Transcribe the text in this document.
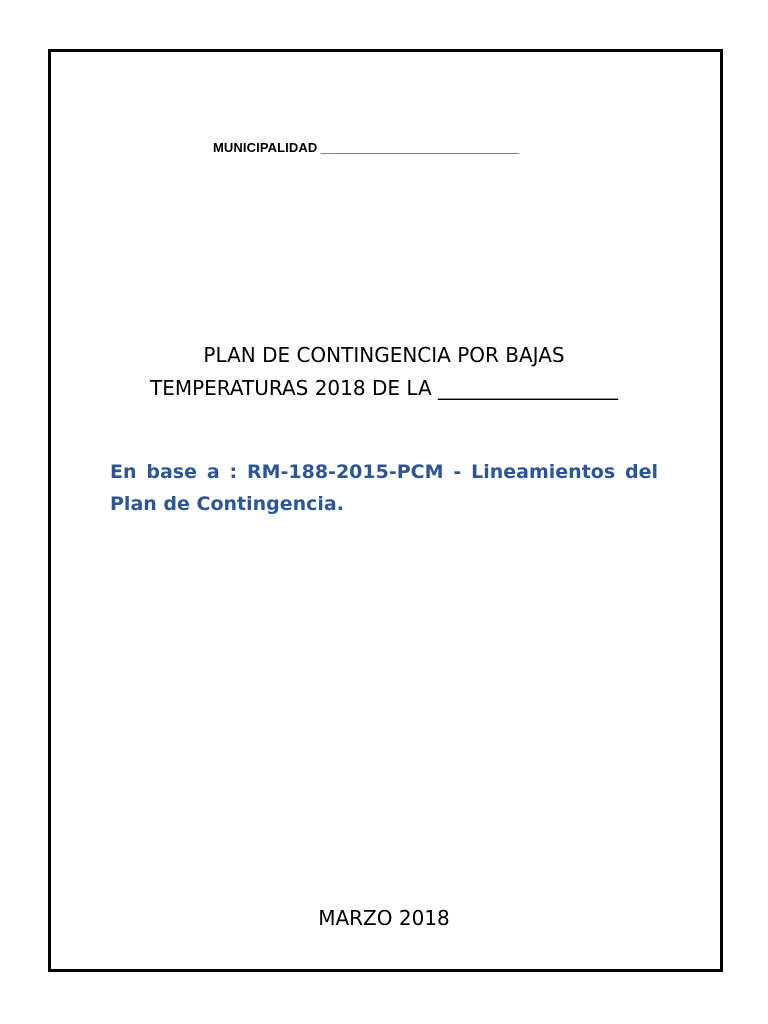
MUNICIPALIDAD ___________________________
PLAN DE CONTINGENCIA POR BAJAS
TEMPERATURAS 2018 DE LA __________________
En base a : RM-188-2015-PCM - Lineamientos del
Plan de Contingencia.
MARZO 2018
